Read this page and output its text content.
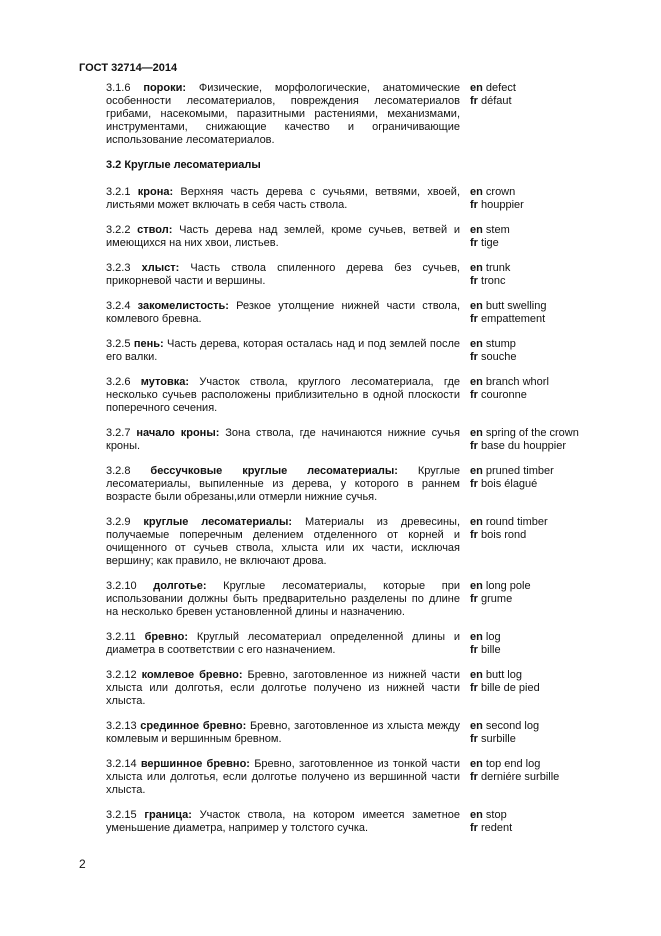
ГОСТ 32714—2014
3.1.6 пороки: Физические, морфологические, анатомические особенности лесоматериалов, повреждения лесоматериалов грибами, насекомыми, паразитными растениями, механизмами, инструментами, снижающие качество и ограничивающие использование лесоматериалов.
en defect
fr défaut
3.2 Круглые лесоматериалы
3.2.1 крона: Верхняя часть дерева с сучьями, ветвями, хвоей, листьями может включать в себя часть ствола.
en crown
fr houppier
3.2.2 ствол: Часть дерева над землей, кроме сучьев, ветвей и имеющихся на них хвои, листьев.
en stem
fr tige
3.2.3 хлыст: Часть ствола спиленного дерева без сучьев, прикорневой части и вершины.
en trunk
fr tronc
3.2.4 закомелистость: Резкое утолщение нижней части ствола, комлевого бревна.
en butt swelling
fr empattement
3.2.5 пень: Часть дерева, которая осталась над и под землей после его валки.
en stump
fr souche
3.2.6 мутовка: Участок ствола, круглого лесоматериала, где несколько сучьев расположены приблизительно в одной плоскости поперечного сечения.
en branch whorl
fr couronne
3.2.7 начало кроны: Зона ствола, где начинаются нижние сучья кроны.
en spring of the crown
fr base du houppier
3.2.8 бессучковые круглые лесоматериалы: Круглые лесоматериалы, выпиленные из дерева, у которого в раннем возрасте были обрезаны,или отмерли нижние сучья.
en pruned timber
fr bois élagué
3.2.9 круглые лесоматериалы: Материалы из древесины, получаемые поперечным делением отделенного от корней и очищенного от сучьев ствола, хлыста или их части, исключая вершину; как правило, не включают дрова.
en round timber
fr bois rond
3.2.10 долготье: Круглые лесоматериалы, которые при использовании должны быть предварительно разделены по длине на несколько бревен установленной длины и назначению.
en long pole
fr grume
3.2.11 бревно: Круглый лесоматериал определенной длины и диаметра в соответствии с его назначением.
en log
fr bille
3.2.12 комлевое бревно: Бревно, заготовленное из нижней части хлыста или долготья, если долготье получено из нижней части хлыста.
en butt log
fr bille de pied
3.2.13 срединное бревно: Бревно, заготовленное из хлыста между комлевым и вершинным бревном.
en second log
fr surbille
3.2.14 вершинное бревно: Бревно, заготовленное из тонкой части хлыста или долготья, если долготье получено из вершинной части хлыста.
en top end log
fr derniére surbille
3.2.15 граница: Участок ствола, на котором имеется заметное уменьшение диаметра, например у толстого сучка.
en stop
fr redent
2
